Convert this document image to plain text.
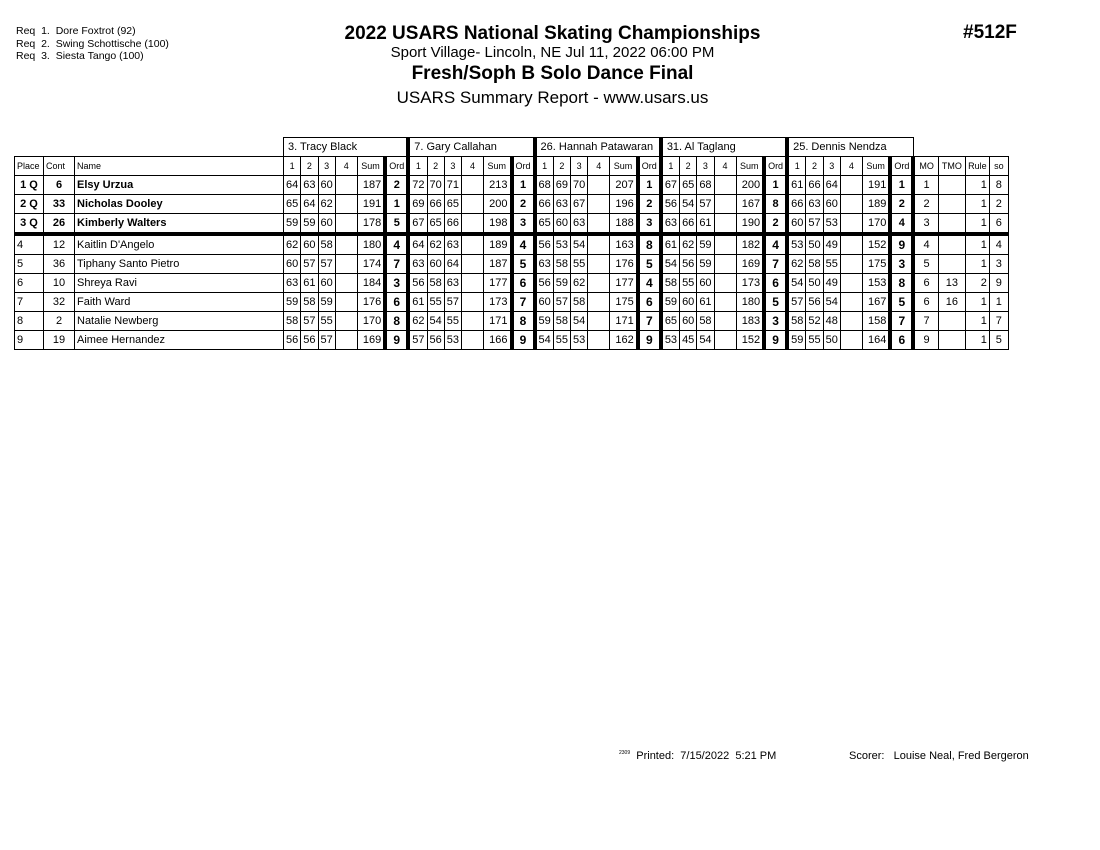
Req  1.  Dore Foxtrot (92)
Req  2.  Swing Schottische (100)
Req  3.  Siesta Tango (100)
2022 USARS National Skating Championships
Sport Village- Lincoln, NE Jul 11, 2022 06:00 PM
Fresh/Soph B Solo Dance Final
USARS Summary Report - www.usars.us
#512F
			3. Tracy Black						7. Gary Callahan						26. Hannah Patawaran						31. Al Taglang						25. Dennis Nendza									
Place	Cont	Name	1	2	3	4	Sum	Ord	1	2	3	4	Sum	Ord	1	2	3	4	Sum	Ord	1	2	3	4	Sum	Ord	1	2	3	4	Sum	Ord	MO	TMO	Rule	so
1 Q	6	Elsy Urzua	64	63	60		187	2	72	70	71		213	1	68	69	70		207	1	67	65	68		200	1	61	66	64		191	1	1		1	8
2 Q	33	Nicholas Dooley	65	64	62		191	1	69	66	65		200	2	66	63	67		196	2	56	54	57		167	8	66	63	60		189	2	2		1	2
3 Q	26	Kimberly Walters	59	59	60		178	5	67	65	66		198	3	65	60	63		188	3	63	66	61		190	2	60	57	53		170	4	3		1	6
4	12	Kaitlin D'Angelo	62	60	58		180	4	64	62	63		189	4	56	53	54		163	8	61	62	59		182	4	53	50	49		152	9	4		1	4
5	36	Tiphany Santo Pietro	60	57	57		174	7	63	60	64		187	5	63	58	55		176	5	54	56	59		169	7	62	58	55		175	3	5		1	3
6	10	Shreya Ravi	63	61	60		184	3	56	58	63		177	6	56	59	62		177	4	58	55	60		173	6	54	50	49		153	8	6	13	2	9
7	32	Faith Ward	59	58	59		176	6	61	55	57		173	7	60	57	58		175	6	59	60	61		180	5	57	56	54		167	5	6	16	1	1
8	2	Natalie Newberg	58	57	55		170	8	62	54	55		171	8	59	58	54		171	7	65	60	58		183	3	58	52	48		158	7	7		1	7
9	19	Aimee Hernandez	56	56	57		169	9	57	56	53		166	9	54	55	53		162	9	53	45	54		152	9	59	55	50		164	6	9		1	5
$^{2309}$ Printed:  7/15/2022  5:21 PM	Scorer:   Louise Neal, Fred Bergeron
